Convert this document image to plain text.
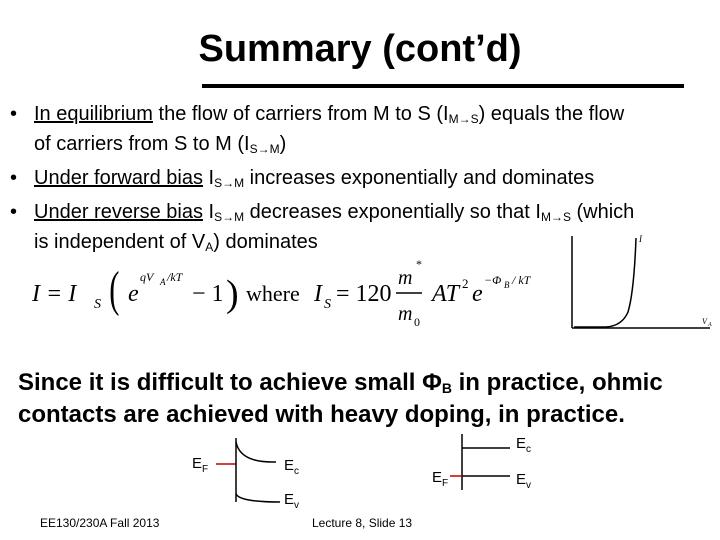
Summary (cont’d)
• In equilibrium the flow of carriers from M to S $(I_{M\to S})$ equals the flow
of carriers from S to M $(I_{S\to M})$
• Under forward bias $I_{S\to M}$ increases exponentially and dominates
• Under reverse bias $I_{S\to M}$ decreases exponentially so that $I_{M\to S}$ (which
is independent of $V_A$) dominates
I = I S ( e
qV A /kT
− 1 ) where I S = 120
m
*
m 0
AT 2 e
−Φ B / kT
I
V A
Since it is difficult to achieve small $\Phi_B$ in practice, ohmic
contacts are achieved with heavy doping, in practice.
E F	E c
E v
E F
E c
E v
EE130/230A Fall 2013	Lecture 8, Slide 13
